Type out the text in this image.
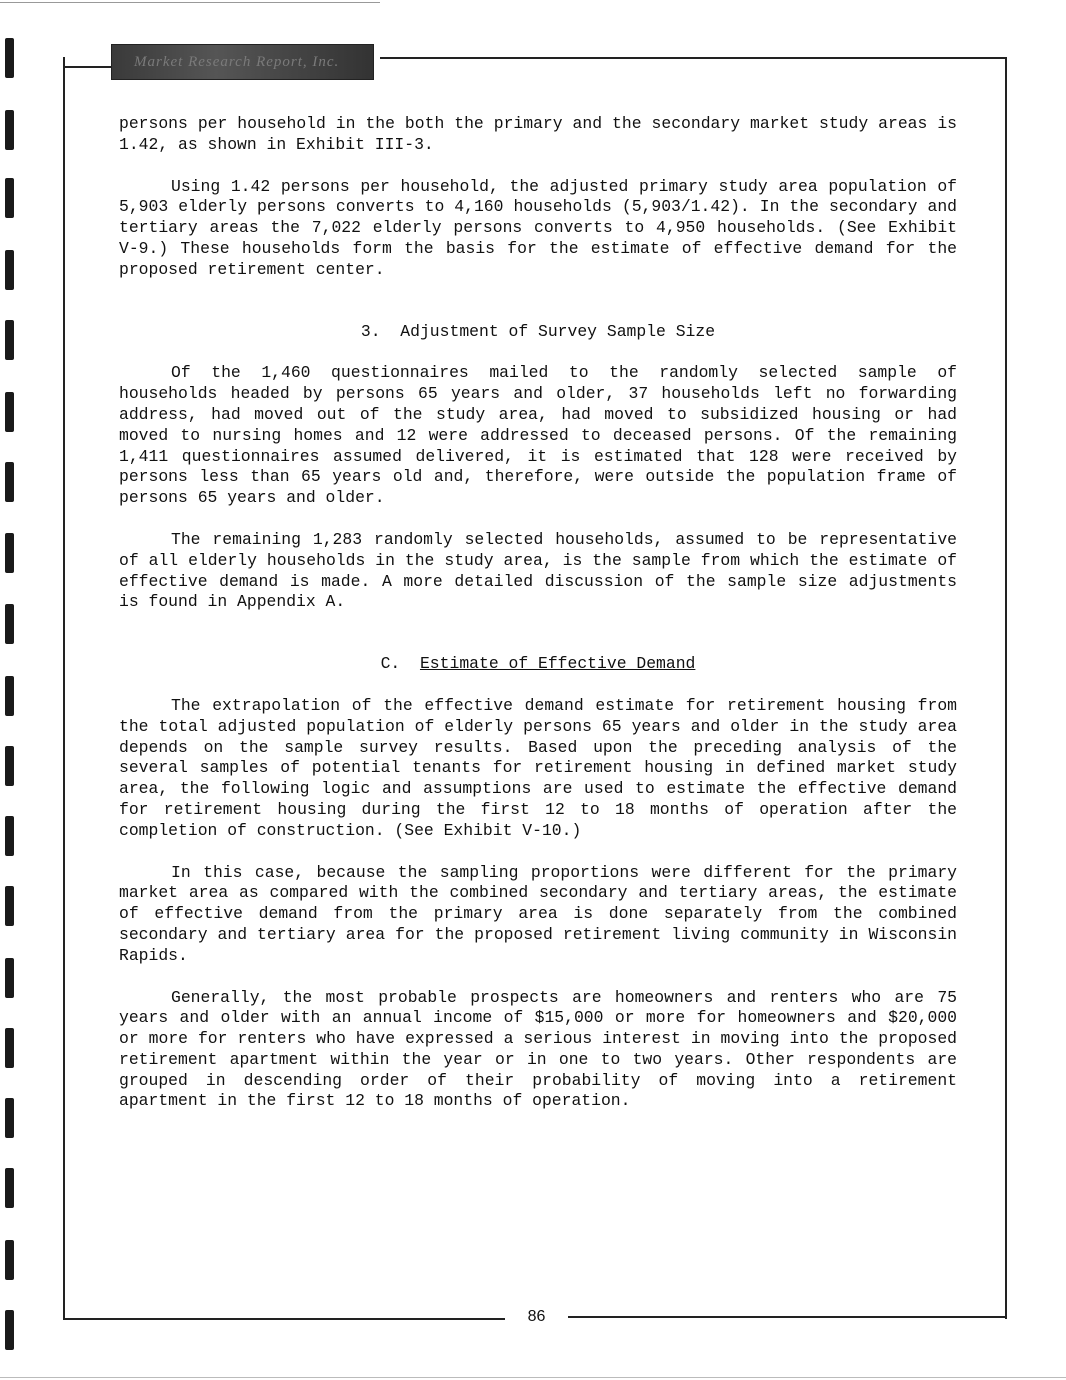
Market Research Report, Inc.

persons per household in the both the primary and the secondary market study areas is 1.42, as shown in Exhibit III-3.

Using 1.42 persons per household, the adjusted primary study area population of 5,903 elderly persons converts to 4,160 households (5,903/1.42). In the secondary and tertiary areas the 7,022 elderly persons converts to 4,950 households. (See Exhibit V-9.) These households form the basis for the estimate of effective demand for the proposed retirement center.

3. Adjustment of Survey Sample Size

Of the 1,460 questionnaires mailed to the randomly selected sample of households headed by persons 65 years and older, 37 households left no forwarding address, had moved out of the study area, had moved to subsidized housing or had moved to nursing homes and 12 were addressed to deceased persons. Of the remaining 1,411 questionnaires assumed delivered, it is estimated that 128 were received by persons less than 65 years old and, therefore, were outside the population frame of persons 65 years and older.

The remaining 1,283 randomly selected households, assumed to be representative of all elderly households in the study area, is the sample from which the estimate of effective demand is made. A more detailed discussion of the sample size adjustments is found in Appendix A.

C. Estimate of Effective Demand

The extrapolation of the effective demand estimate for retirement housing from the total adjusted population of elderly persons 65 years and older in the study area depends on the sample survey results. Based upon the preceding analysis of the several samples of potential tenants for retirement housing in defined market study area, the following logic and assumptions are used to estimate the effective demand for retirement housing during the first 12 to 18 months of operation after the completion of construction. (See Exhibit V-10.)

In this case, because the sampling proportions were different for the primary market area as compared with the combined secondary and tertiary areas, the estimate of effective demand from the primary area is done separately from the combined secondary and tertiary area for the proposed retirement living community in Wisconsin Rapids.

Generally, the most probable prospects are homeowners and renters who are 75 years and older with an annual income of $15,000 or more for homeowners and $20,000 or more for renters who have expressed a serious interest in moving into the proposed retirement apartment within the year or in one to two years. Other respondents are grouped in descending order of their probability of moving into a retirement apartment in the first 12 to 18 months of operation.

86
